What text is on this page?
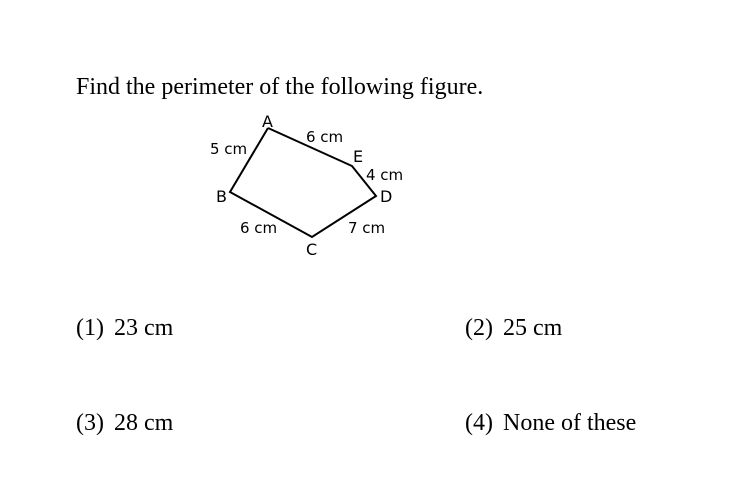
Find the perimeter of the following figure.
A
B
C
D
E
5 cm
6 cm
4 cm
7 cm
6 cm
(1) 23 cm	(2) 25 cm
(3) 28 cm	(4) None of these
